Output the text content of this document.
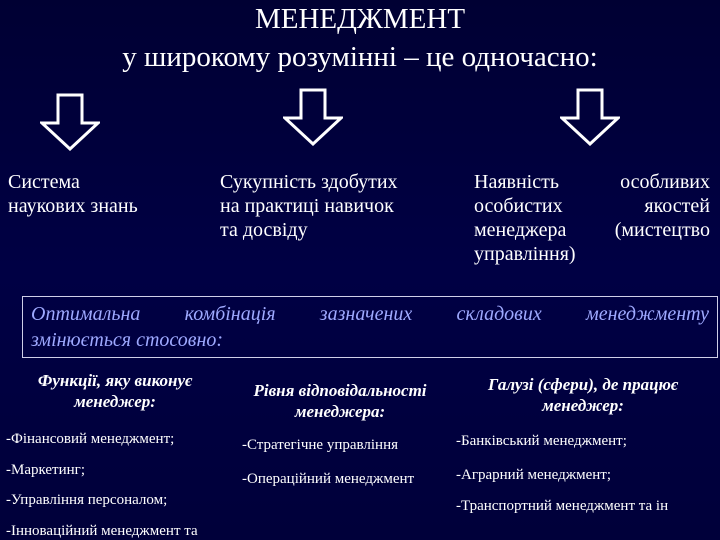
МЕНЕДЖМЕНТ
у широкому розумінні – це одночасно:
Система
наукових знань
Сукупність здобутих
на практиці навичок
та досвіду
Наявність особливих
особистих якостей
менеджера (мистецтво
управління)
Оптимальна комбінація зазначених складових менеджменту
змінюється стосовно:
Функції, яку виконує
менеджер:
-Фінансовий менеджмент;
-Маркетинг;
-Управління персоналом;
-Інноваційний менеджмент та
Рівня відповідальності
менеджера:
-Стратегічне управління
-Операційний менеджмент
Галузі (сфери), де працює
менеджер:
-Банківський менеджмент;
-Аграрний менеджмент;
-Транспортний менеджмент та ін
